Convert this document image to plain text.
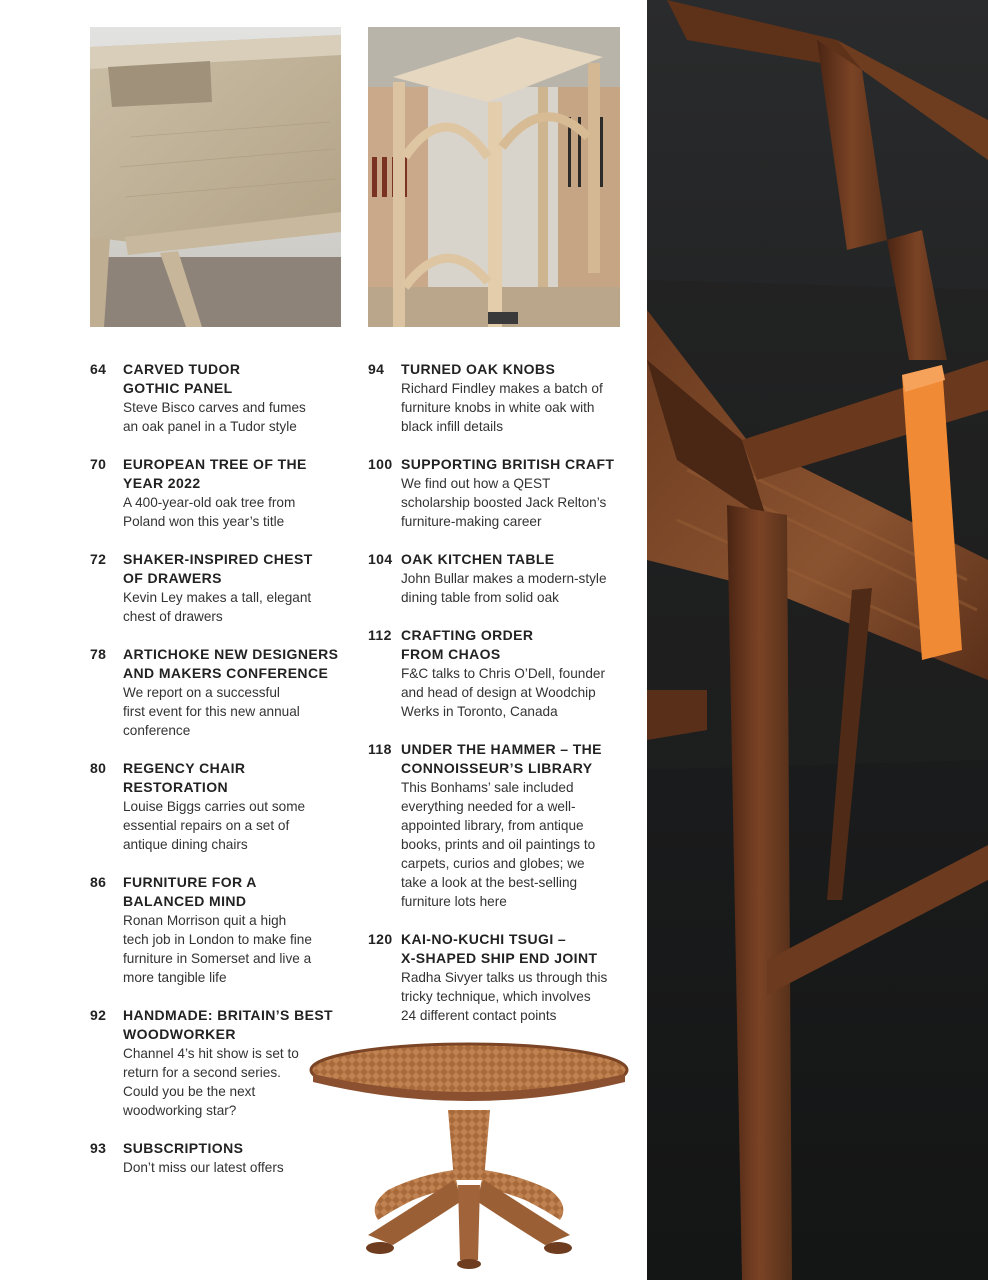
64 CARVED TUDOR
GOTHIC PANEL
Steve Bisco carves and fumes
an oak panel in a Tudor style
70 EUROPEAN TREE OF THE
YEAR 2022
A 400-year-old oak tree from
Poland won this year’s title
72 SHAKER-INSPIRED CHEST
OF DRAWERS
Kevin Ley makes a tall, elegant
chest of drawers
78 ARTICHOKE NEW DESIGNERS
AND MAKERS CONFERENCE
We report on a successful
first event for this new annual
conference
80 REGENCY CHAIR
RESTORATION
Louise Biggs carries out some
essential repairs on a set of
antique dining chairs
86 FURNITURE FOR A
BALANCED MIND
Ronan Morrison quit a high
tech job in London to make fine
furniture in Somerset and live a
more tangible life
92 HANDMADE: BRITAIN’S BEST
WOODWORKER
Channel 4’s hit show is set to
return for a second series.
Could you be the next
woodworking star?
93 SUBSCRIPTIONS
Don’t miss our latest offers
94 TURNED OAK KNOBS
Richard Findley makes a batch of
furniture knobs in white oak with
black infill details
100 SUPPORTING BRITISH CRAFT
We find out how a QEST
scholarship boosted Jack Relton’s
furniture-making career
104 OAK KITCHEN TABLE
John Bullar makes a modern-style
dining table from solid oak
112 CRAFTING ORDER
FROM CHAOS
F&C talks to Chris O’Dell, founder
and head of design at Woodchip
Werks in Toronto, Canada
118 UNDER THE HAMMER – THE
CONNOISSEUR’S LIBRARY
This Bonhams’ sale included
everything needed for a well-
appointed library, from antique
books, prints and oil paintings to
carpets, curios and globes; we
take a look at the best-selling
furniture lots here
120 KAI-NO-KUCHI TSUGI –
X-SHAPED SHIP END JOINT
Radha Sivyer talks us through this
tricky technique, which involves
24 different contact points
